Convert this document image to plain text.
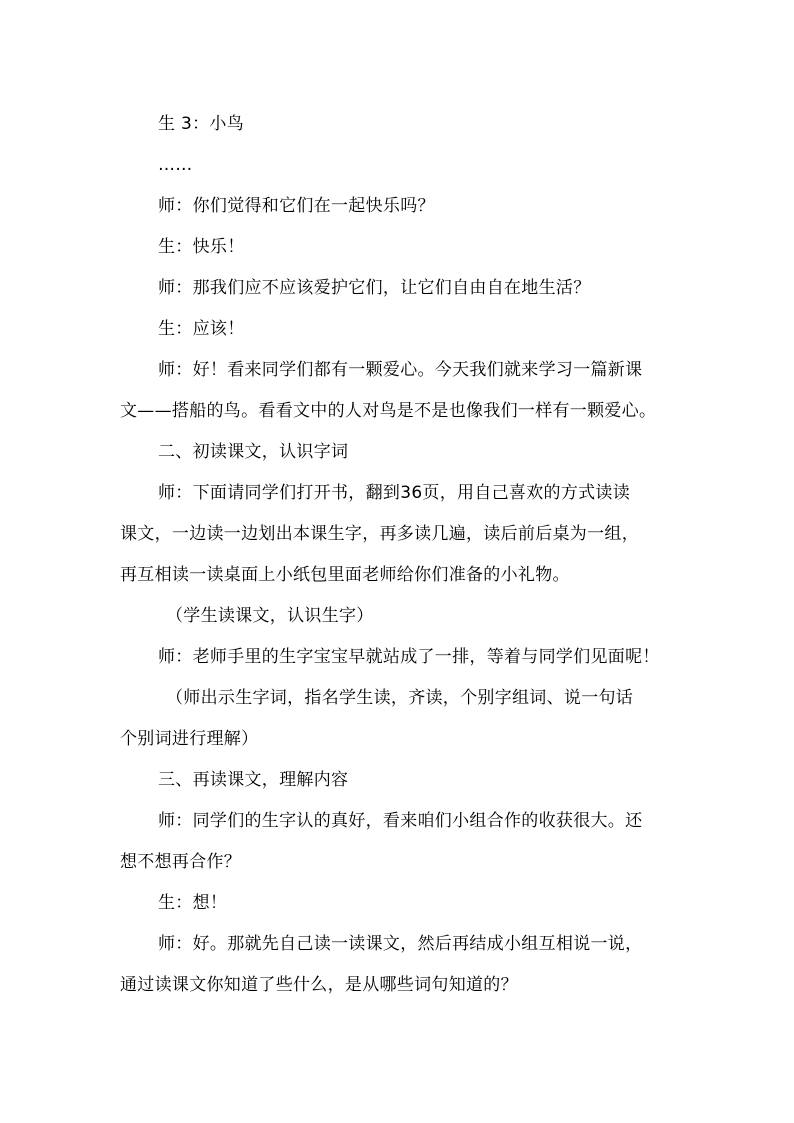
生 3：小鸟
……
师：你们觉得和它们在一起快乐吗？
生：快乐！
师：那我们应不应该爱护它们，让它们自由自在地生活？
生：应该！
师：好！看来同学们都有一颗爱心。今天我们就来学习一篇新课
文——搭船的鸟。看看文中的人对鸟是不是也像我们一样有一颗爱心。
二、初读课文，认识字词
师：下面请同学们打开书，翻到36页，用自己喜欢的方式读读
课文，一边读一边划出本课生字，再多读几遍，读后前后桌为一组，
再互相读一读桌面上小纸包里面老师给你们准备的小礼物。
（学生读课文，认识生字）
师：老师手里的生字宝宝早就站成了一排，等着与同学们见面呢！
（师出示生字词，指名学生读，齐读，个别字组词、说一句话
个别词进行理解）
三、再读课文，理解内容
师：同学们的生字认的真好，看来咱们小组合作的收获很大。还
想不想再合作？
生：想！
师：好。那就先自己读一读课文，然后再结成小组互相说一说，
通过读课文你知道了些什么，是从哪些词句知道的？
